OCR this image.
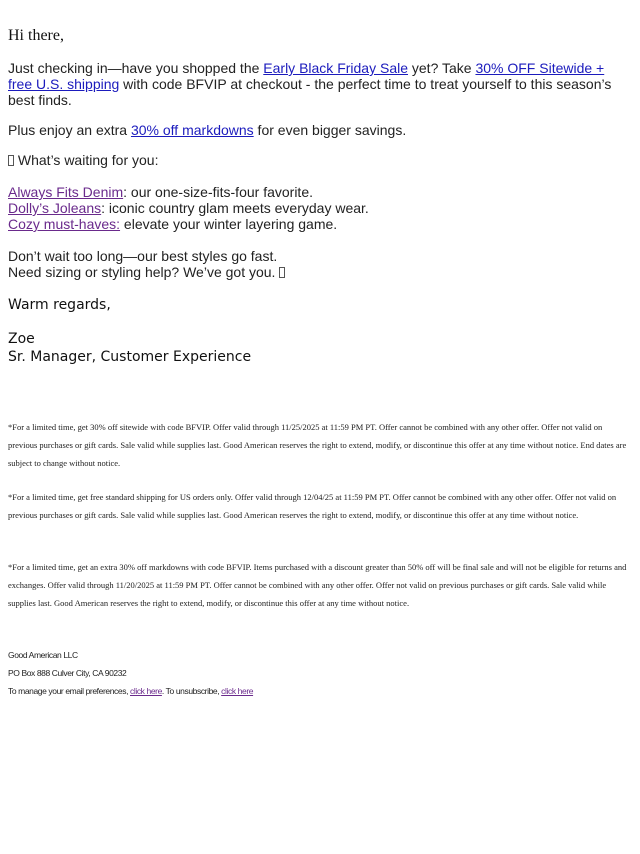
Hi there,
Just checking in—have you shopped the Early Black Friday Sale yet? Take 30% OFF Sitewide + free U.S. shipping with code BFVIP at checkout - the perfect time to treat yourself to this season’s best finds.
Plus enjoy an extra 30% off markdowns for even bigger savings.
What’s waiting for you:
Always Fits Denim: our one-size-fits-four favorite.
Dolly’s Joleans: iconic country glam meets everyday wear.
Cozy must-haves: elevate your winter layering game.
Don’t wait too long—our best styles go fast.
Need sizing or styling help? We’ve got you.
Warm regards,
Zoe
Sr. Manager, Customer Experience
*For a limited time, get 30% off sitewide with code BFVIP. Offer valid through 11/25/2025 at 11:59 PM PT. Offer cannot be combined with any other offer. Offer not valid on previous purchases or gift cards. Sale valid while supplies last. Good American reserves the right to extend, modify, or discontinue this offer at any time without notice. End dates are subject to change without notice.
*For a limited time, get free standard shipping for US orders only. Offer valid through 12/04/25 at 11:59 PM PT. Offer cannot be combined with any other offer. Offer not valid on previous purchases or gift cards. Sale valid while supplies last. Good American reserves the right to extend, modify, or discontinue this offer at any time without notice.
*For a limited time, get an extra 30% off markdowns with code BFVIP. Items purchased with a discount greater than 50% off will be final sale and will not be eligible for returns and exchanges. Offer valid through 11/20/2025 at 11:59 PM PT. Offer cannot be combined with any other offer. Offer not valid on previous purchases or gift cards. Sale valid while supplies last. Good American reserves the right to extend, modify, or discontinue this offer at any time without notice.
Good American LLC
PO Box 888 Culver City, CA 90232
To manage your email preferences, click here. To unsubscribe, click here
